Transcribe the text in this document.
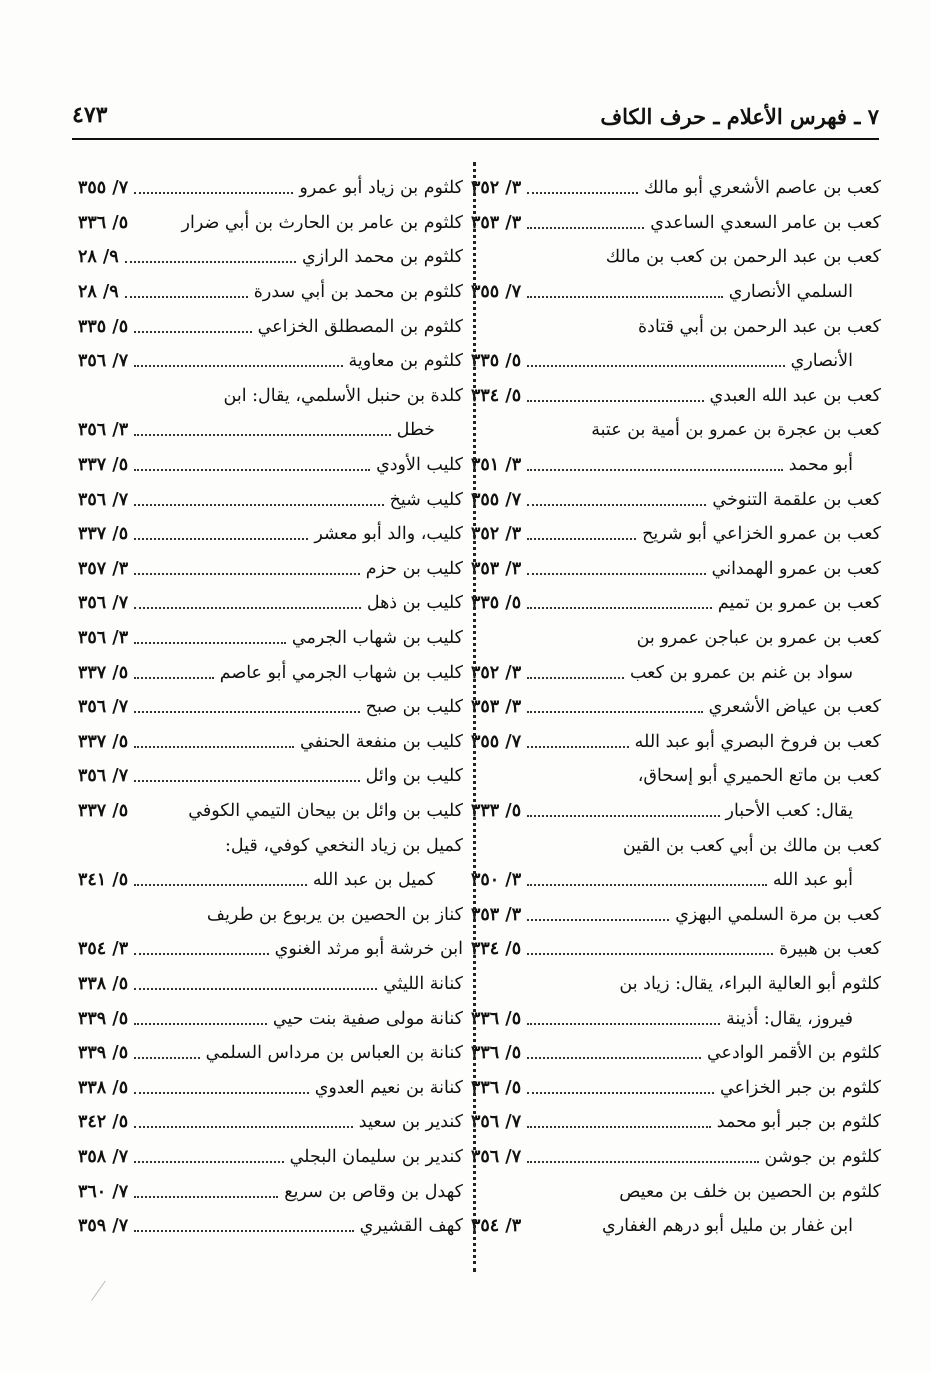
٧ ـ فهرس الأعلام ـ حرف الكاف
٤٧٣
كعب بن عاصم الأشعري أبو مالك
٣/ ٣٥٢
كعب بن عامر السعدي الساعدي
٣/ ٣٥٣
كعب بن عبد الرحمن بن كعب بن مالك
السلمي الأنصاري
٧/ ٣٥٥
كعب بن عبد الرحمن بن أبي قتادة
الأنصاري
٥/ ٣٣٥
كعب بن عبد الله العبدي
٥/ ٣٣٤
كعب بن عجرة بن عمرو بن أمية بن عتبة
أبو محمد
٣/ ٣٥١
كعب بن علقمة التنوخي
٧/ ٣٥٥
كعب بن عمرو الخزاعي أبو شريح
٣/ ٣٥٢
كعب بن عمرو الهمداني
٣/ ٣٥٣
كعب بن عمرو بن تميم
٥/ ٣٣٥
كعب بن عمرو بن عباجن عمرو بن
سواد بن غنم بن عمرو بن كعب
٣/ ٣٥٢
كعب بن عياض الأشعري
٣/ ٣٥٣
كعب بن فروخ البصري أبو عبد الله
٧/ ٣٥٥
كعب بن ماتع الحميري أبو إسحاق،
يقال: كعب الأحبار
٥/ ٣٣٣
كعب بن مالك بن أبي كعب بن القين
أبو عبد الله
٣/ ٣٥٠
كعب بن مرة السلمي البهزي
٣/ ٣٥٣
كعب بن هبيرة
٥/ ٣٣٤
كلثوم أبو العالية البراء، يقال: زياد بن
فيروز، يقال: أذينة
٥/ ٣٣٦
كلثوم بن الأقمر الوادعي
٥/ ٣٣٦
كلثوم بن جبر الخزاعي
٥/ ٣٣٦
كلثوم بن جبر أبو محمد
٧/ ٣٥٦
كلثوم بن جوشن
٧/ ٣٥٦
كلثوم بن الحصين بن خلف بن معيص
ابن غفار بن مليل أبو درهم الغفاري
٣/ ٣٥٤
كلثوم بن زياد أبو عمرو
٧/ ٣٥٥
كلثوم بن عامر بن الحارث بن أبي ضرار
٥/ ٣٣٦
كلثوم بن محمد الرازي
٩/ ٢٨
كلثوم بن محمد بن أبي سدرة
٩/ ٢٨
كلثوم بن المصطلق الخزاعي
٥/ ٣٣٥
كلثوم بن معاوية
٧/ ٣٥٦
كلدة بن حنبل الأسلمي، يقال: ابن
خطل
٣/ ٣٥٦
كليب الأودي
٥/ ٣٣٧
كليب شيخ
٧/ ٣٥٦
كليب، والد أبو معشر
٥/ ٣٣٧
كليب بن حزم
٣/ ٣٥٧
كليب بن ذهل
٧/ ٣٥٦
كليب بن شهاب الجرمي
٣/ ٣٥٦
كليب بن شهاب الجرمي أبو عاصم
٥/ ٣٣٧
كليب بن صبح
٧/ ٣٥٦
كليب بن منفعة الحنفي
٥/ ٣٣٧
كليب بن وائل
٧/ ٣٥٦
كليب بن وائل بن بيحان التيمي الكوفي
٥/ ٣٣٧
كميل بن زياد النخعي كوفي، قيل:
كميل بن عبد الله
٥/ ٣٤١
كناز بن الحصين بن يربوع بن طريف
ابن خرشة أبو مرثد الغنوي
٣/ ٣٥٤
كنانة الليثي
٥/ ٣٣٨
كنانة مولى صفية بنت حيي
٥/ ٣٣٩
كنانة بن العباس بن مرداس السلمي
٥/ ٣٣٩
كنانة بن نعيم العدوي
٥/ ٣٣٨
كندير بن سعيد
٥/ ٣٤٢
كندير بن سليمان البجلي
٧/ ٣٥٨
كهدل بن وقاص بن سريع
٧/ ٣٦٠
كهف القشيري
٧/ ٣٥٩
